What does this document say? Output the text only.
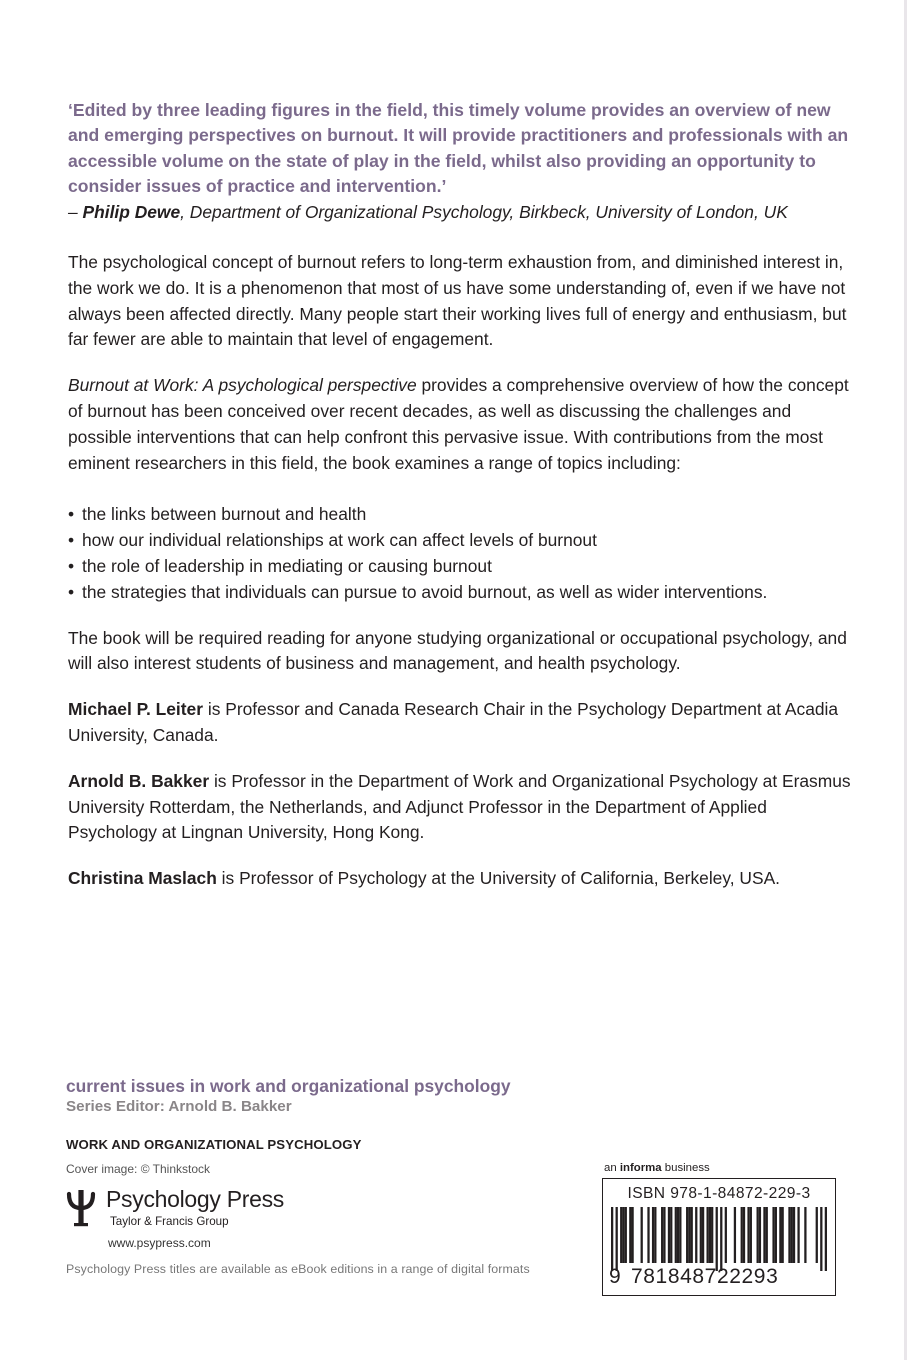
‘Edited by three leading figures in the field, this timely volume provides an overview of new and emerging perspectives on burnout. It will provide practitioners and professionals with an accessible volume on the state of play in the field, whilst also providing an opportunity to consider issues of practice and intervention.’

– Philip Dewe, Department of Organizational Psychology, Birkbeck, University of London, UK

The psychological concept of burnout refers to long-term exhaustion from, and diminished interest in, the work we do. It is a phenomenon that most of us have some understanding of, even if we have not always been affected directly. Many people start their working lives full of energy and enthusiasm, but far fewer are able to maintain that level of engagement.

Burnout at Work: A psychological perspective provides a comprehensive overview of how the concept of burnout has been conceived over recent decades, as well as discussing the challenges and possible interventions that can help confront this pervasive issue. With contributions from the most eminent researchers in this field, the book examines a range of topics including:

• the links between burnout and health
• how our individual relationships at work can affect levels of burnout
• the role of leadership in mediating or causing burnout
• the strategies that individuals can pursue to avoid burnout, as well as wider interventions.

The book will be required reading for anyone studying organizational or occupational psychology, and will also interest students of business and management, and health psychology.

Michael P. Leiter is Professor and Canada Research Chair in the Psychology Department at Acadia University, Canada.

Arnold B. Bakker is Professor in the Department of Work and Organizational Psychology at Erasmus University Rotterdam, the Netherlands, and Adjunct Professor in the Department of Applied Psychology at Lingnan University, Hong Kong.

Christina Maslach is Professor of Psychology at the University of California, Berkeley, USA.

current issues in work and organizational psychology
Series Editor: Arnold B. Bakker
WORK AND ORGANIZATIONAL PSYCHOLOGY
Cover image: © Thinkstock
Psychology Press
Taylor & Francis Group
www.psypress.com
Psychology Press titles are available as eBook editions in a range of digital formats
an informa business
ISBN 978-1-84872-229-3
9 781848722293
